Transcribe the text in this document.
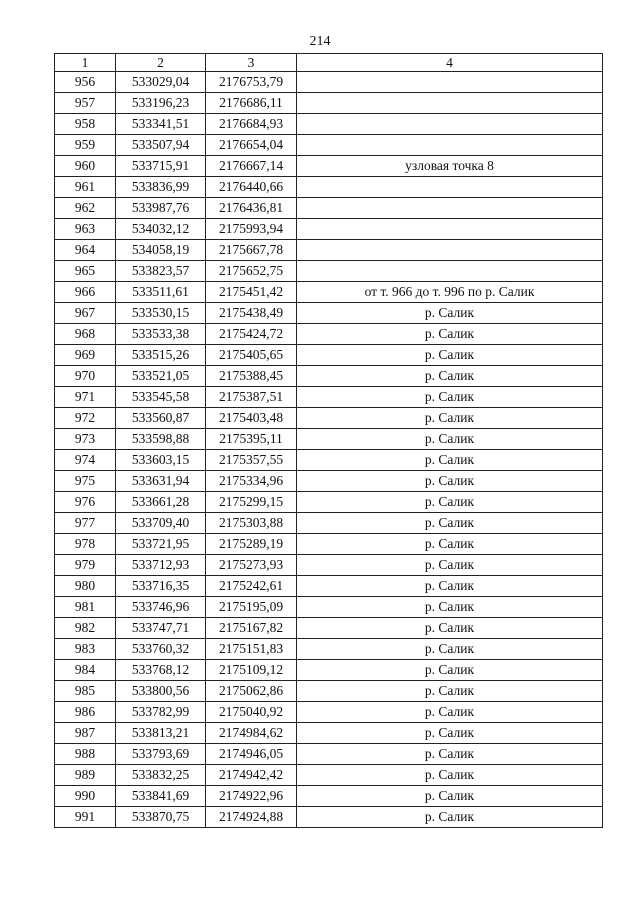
214
1	2	3	4
956	533029,04	2176753,79	
957	533196,23	2176686,11	
958	533341,51	2176684,93	
959	533507,94	2176654,04	
960	533715,91	2176667,14	узловая точка 8
961	533836,99	2176440,66	
962	533987,76	2176436,81	
963	534032,12	2175993,94	
964	534058,19	2175667,78	
965	533823,57	2175652,75	
966	533511,61	2175451,42	от т. 966 до т. 996 по р. Салик
967	533530,15	2175438,49	р. Салик
968	533533,38	2175424,72	р. Салик
969	533515,26	2175405,65	р. Салик
970	533521,05	2175388,45	р. Салик
971	533545,58	2175387,51	р. Салик
972	533560,87	2175403,48	р. Салик
973	533598,88	2175395,11	р. Салик
974	533603,15	2175357,55	р. Салик
975	533631,94	2175334,96	р. Салик
976	533661,28	2175299,15	р. Салик
977	533709,40	2175303,88	р. Салик
978	533721,95	2175289,19	р. Салик
979	533712,93	2175273,93	р. Салик
980	533716,35	2175242,61	р. Салик
981	533746,96	2175195,09	р. Салик
982	533747,71	2175167,82	р. Салик
983	533760,32	2175151,83	р. Салик
984	533768,12	2175109,12	р. Салик
985	533800,56	2175062,86	р. Салик
986	533782,99	2175040,92	р. Салик
987	533813,21	2174984,62	р. Салик
988	533793,69	2174946,05	р. Салик
989	533832,25	2174942,42	р. Салик
990	533841,69	2174922,96	р. Салик
991	533870,75	2174924,88	р. Салик
